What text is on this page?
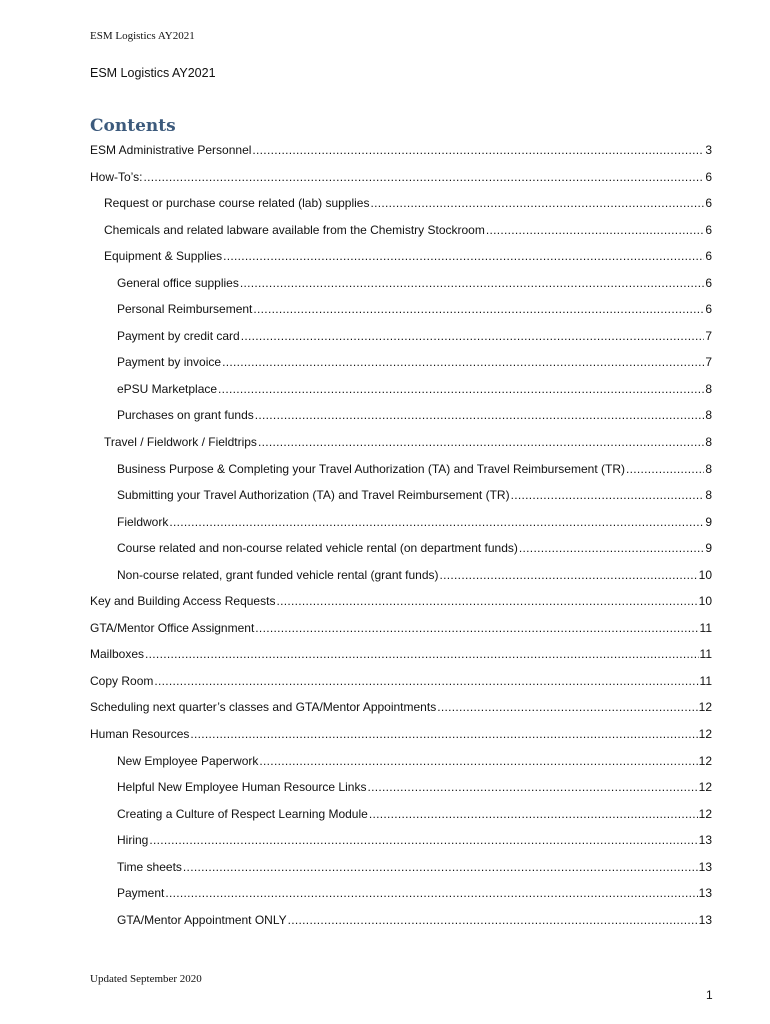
ESM Logistics AY2021
ESM Logistics AY2021
Contents
ESM Administrative Personnel .....	3
How-To’s: .....	6
Request or purchase course related (lab) supplies .....	6
Chemicals and related labware available from the Chemistry Stockroom .....	6
Equipment & Supplies .....	6
General office supplies .....	6
Personal Reimbursement .....	6
Payment by credit card .....	7
Payment by invoice .....	7
ePSU Marketplace .....	8
Purchases on grant funds .....	8
Travel / Fieldwork / Fieldtrips .....	8
Business Purpose & Completing your Travel Authorization (TA) and Travel Reimbursement (TR) .....	8
Submitting your Travel Authorization (TA) and Travel Reimbursement (TR) .....	8
Fieldwork .....	9
Course related and non-course related vehicle rental (on department funds) .....	9
Non-course related, grant funded vehicle rental (grant funds) .....	10
Key and Building Access Requests .....	10
GTA/Mentor Office Assignment .....	11
Mailboxes .....	11
Copy Room .....	11
Scheduling next quarter’s classes and GTA/Mentor Appointments .....	12
Human Resources .....	12
New Employee Paperwork .....	12
Helpful New Employee Human Resource Links .....	12
Creating a Culture of Respect Learning Module .....	12
Hiring .....	13
Time sheets .....	13
Payment .....	13
GTA/Mentor Appointment ONLY .....	13
Updated September 2020
1
